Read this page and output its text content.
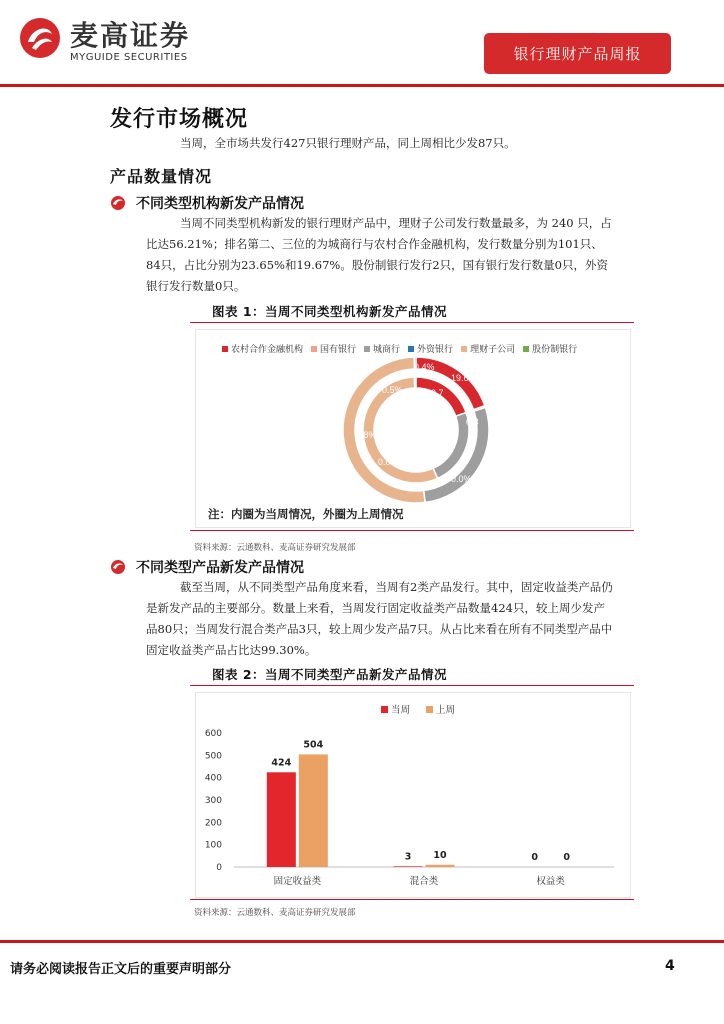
麦高证券
MYGUIDE SECURITIES	银行理财产品周报
发行市场概况
当周，全市场共发行427只银行理财产品，同上周相比少发87只。
产品数量情况
不同类型机构新发产品情况
当周不同类型机构新发的银行理财产品中，理财子公司发行数量最多，为 240 只，占比达56.21%；排名第二、三位的为城商行与农村合作金融机构，发行数量分别为101只、84只，占比分别为23.65%和19.67%。股份制银行发行2只，国有银行发行数量0只，外资银行发行数量0只。
图表 1：当周不同类型机构新发产品情况
农村合作金融机构 国有银行 城商行 外资银行 理财子公司 股份制银行
19.6
0.4%
0.8
0.0%
0.8%
19.7
23.7
0.0%
0.5%
注：内圈为当周情况，外圈为上周情况
资料来源：云通数科、麦高证券研究发展部
不同类型产品新发产品情况
截至当周，从不同类型产品角度来看，当周有2类产品发行。其中，固定收益类产品仍是新发产品的主要部分。数量上来看，当周发行固定收益类产品数量424只，较上周少发产品80只；当周发行混合类产品3只，较上周少发产品7只。从占比来看在所有不同类型产品中固定收益类产品占比达99.30%。
图表 2：当周不同类型产品新发产品情况
当周	上周
0
100
200
300
400
500
600
固定收益类
424
504
混合类
3 10
权益类
0	0
资料来源：云通数科、麦高证券研究发展部
请务必阅读报告正文后的重要声明部分	4
